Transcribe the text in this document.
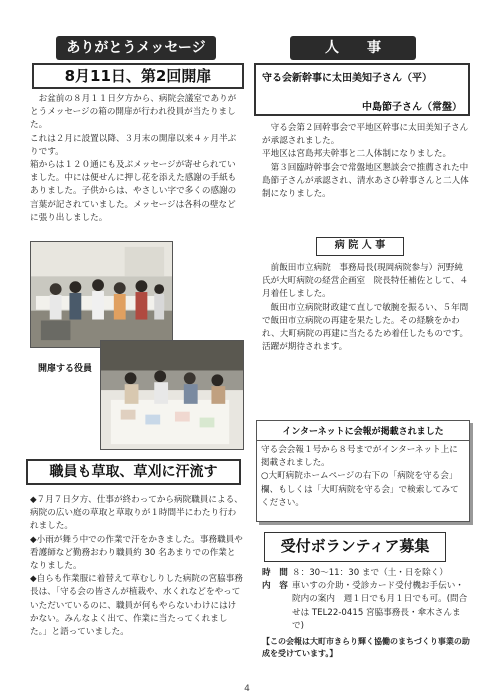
ありがとうメッセージ
8月11日、第2回開扉

　お盆前の８月１１日夕方から、病院会議室でありがとうメッセージの箱の開扉が行われ役員が当たりました。

これは２月に設置以降、３月末の開扉以来４ヶ月半ぶりです。

箱からは１２０通にも及ぶメッセージが寄せられていました。中には便せんに押し花を添えた感謝の手紙もありました。子供からは、やさしい字で多くの感謝の言葉が記されていました。メッセージは各科の壁などに張り出しました。

開扉する役員
職員も草取、草刈に汗流す

◆７月７日夕方、仕事が終わってから病院職員による、病院の広い庭の草取と草取りが１時間半にわたり行われました。

◆小雨が舞う中での作業で汗をかきました。事務職員や看護師など勤務おわり職員約 30 名あまりでの作業となりました。

◆自らも作業服に着替えて草むしりした病院の宮脇事務長は、「守る会の皆さんが植栽や、水くれなどをやっていただいているのに、職員が何もやらないわけにはけかない。みんなよく出て、作業に当たってくれました。」と語っていました。

人　　事
守る会新幹事に太田美知子さん（平）
中島節子さん（常盤）

　守る会第２回幹事会で平地区幹事に太田美知子さんが承認されました。

平地区は宮島邦夫幹事と二人体制になりました。

　第３回臨時幹事会で常盤地区懇談会で推薦された中島節子さんが承認され、清水あさひ幹事さんと二人体制になりました。

病 院 人 事

　前飯田市立病院　事務局長(現岡病院参与）河野純氏が大町病院の経営企画室　院長特任補佐として、４月着任しました。

　飯田市立病院財政建て直しで敏腕を振るい、５年間で飯田市立病院の再建を果たした。その経験をかわれ、大町病院の再建に当たるため着任したものです。活躍が期待されます。

インターネットに会報が掲載されました

守る会会報１号から８号までがインターネット上に掲載されました。

○大町病院ホームページの右下の「病院を守る会」欄、もしくは「大町病院を守る会」で検索してみてください。

受付ボランティア募集
時　間 ８：30〜11：30 まで（土・日を除く）
内　容 車いすの介助・受診カード受付機お手伝い・院内の案内　週１日でも月１日でも可。(問合せは TEL22-0415 宮脇事務長・傘木さんまで)

【この会報は大町市きらり輝く協働のまちづくり事業の助成を受けています。】

4
